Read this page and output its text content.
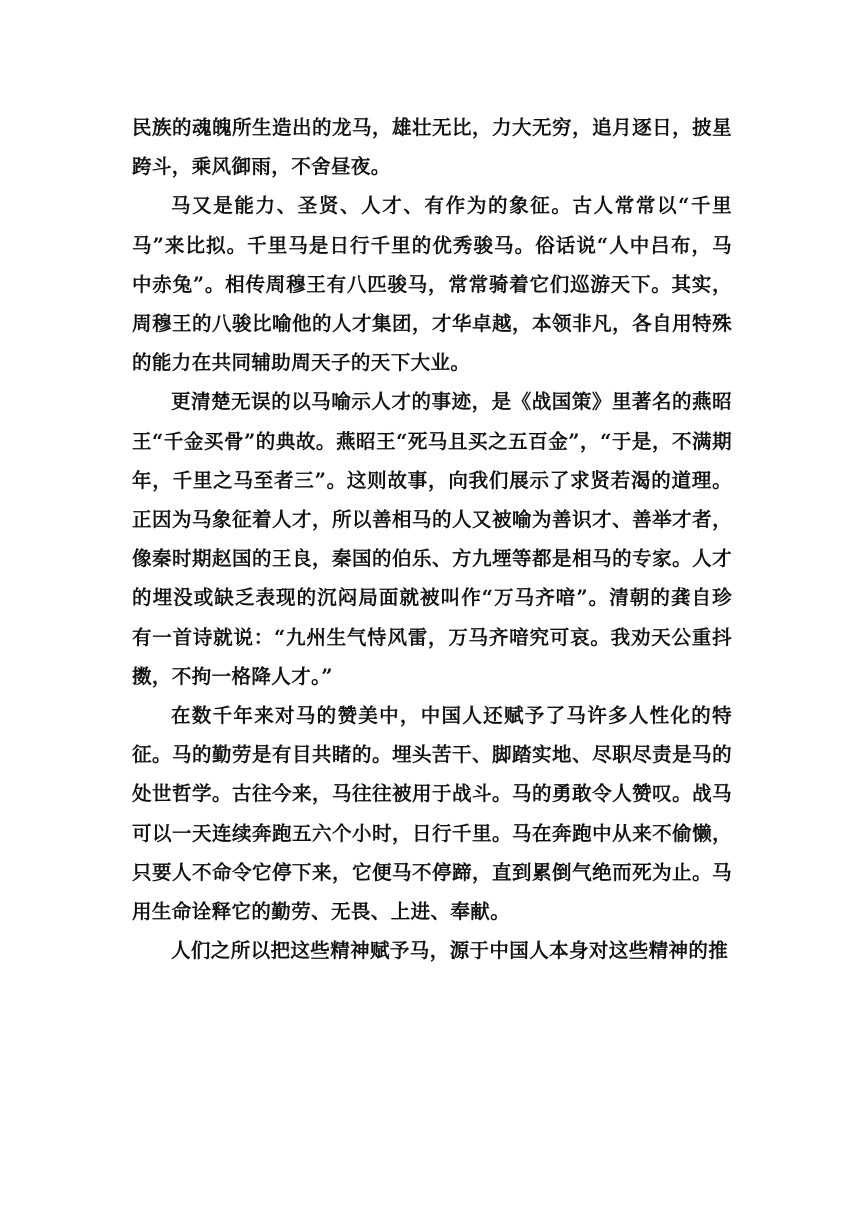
民族的魂魄所生造出的龙马，雄壮无比，力大无穷，追月逐日，披星跨斗，乘风御雨，不舍昼夜。

马又是能力、圣贤、人才、有作为的象征。古人常常以“千里马”来比拟。千里马是日行千里的优秀骏马。俗话说“人中吕布，马中赤兔”。相传周穆王有八匹骏马，常常骑着它们巡游天下。其实，周穆王的八骏比喻他的人才集团，才华卓越，本领非凡，各自用特殊的能力在共同辅助周天子的天下大业。

更清楚无误的以马喻示人才的事迹，是《战国策》里著名的燕昭王“千金买骨”的典故。燕昭王“死马且买之五百金”，“于是，不满期年，千里之马至者三”。这则故事，向我们展示了求贤若渴的道理。正因为马象征着人才，所以善相马的人又被喻为善识才、善举才者，像秦时期赵国的王良，秦国的伯乐、方九堙等都是相马的专家。人才的埋没或缺乏表现的沉闷局面就被叫作“万马齐喑”。清朝的龚自珍有一首诗就说：“九州生气恃风雷，万马齐喑究可哀。我劝天公重抖擞，不拘一格降人才。”

在数千年来对马的赞美中，中国人还赋予了马许多人性化的特征。马的勤劳是有目共睹的。埋头苦干、脚踏实地、尽职尽责是马的处世哲学。古往今来，马往往被用于战斗。马的勇敢令人赞叹。战马可以一天连续奔跑五六个小时，日行千里。马在奔跑中从来不偷懒，只要人不命令它停下来，它便马不停蹄，直到累倒气绝而死为止。马用生命诠释它的勤劳、无畏、上进、奉献。

人们之所以把这些精神赋予马，源于中国人本身对这些精神的推
